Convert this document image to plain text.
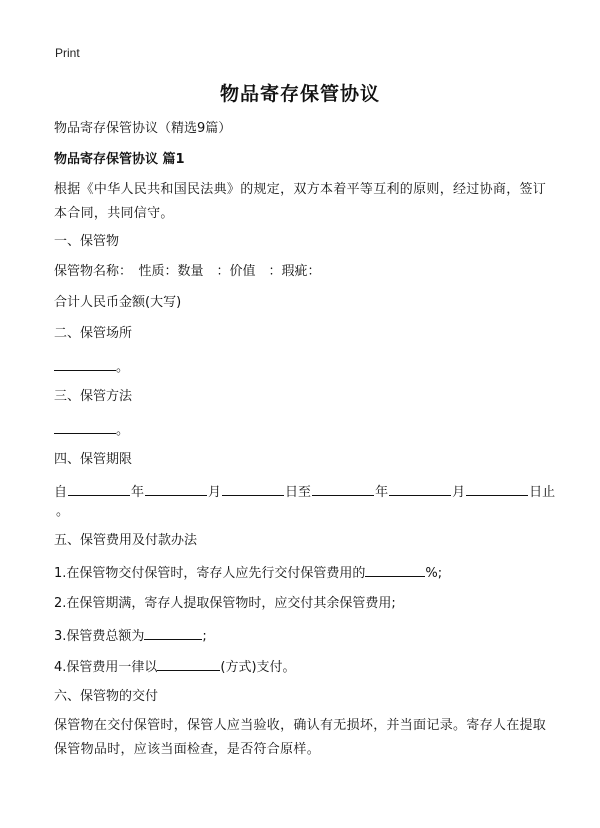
Print
物品寄存保管协议
物品寄存保管协议（精选9篇）
物品寄存保管协议 篇1
根据《中华人民共和国民法典》的规定，双方本着平等互利的原则，经过协商，签订本合同，共同信守。
一、保管物
保管物名称：　性质：数量　：价值　：瑕疵：
合计人民币金额(大写)
二、保管场所
。
三、保管方法
。
四、保管期限
自	年	月	日至	年	月	日止
。
五、保管费用及付款办法
1.在保管物交付保管时，寄存人应先行交付保管费用的	%;
2.在保管期满，寄存人提取保管物时，应交付其余保管费用;
3.保管费总额为	;
4.保管费用一律以	(方式)支付。
六、保管物的交付
保管物在交付保管时，保管人应当验收，确认有无损坏，并当面记录。寄存人在提取保管物品时，应该当面检查，是否符合原样。
